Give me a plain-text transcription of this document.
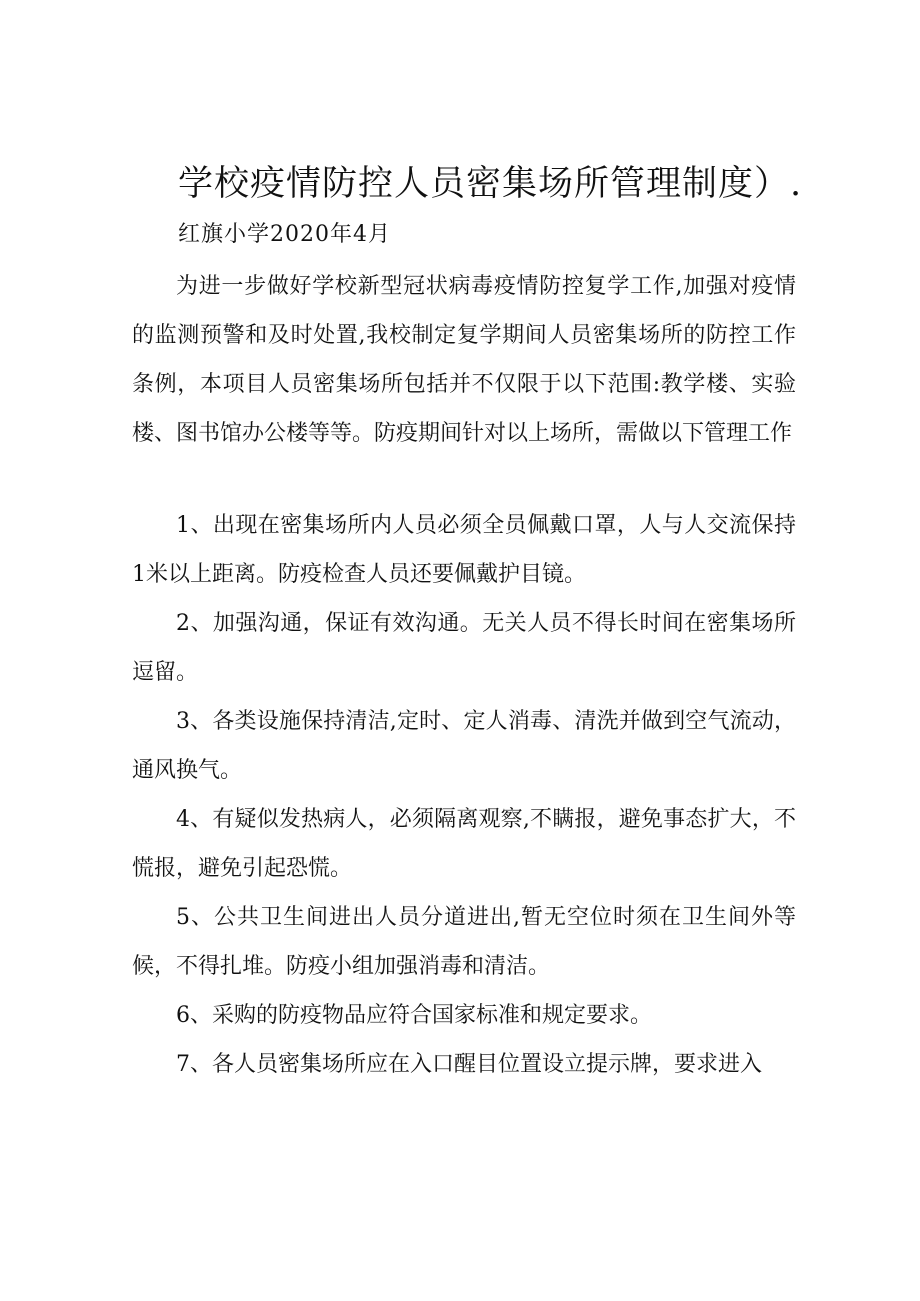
学校疫情防控人员密集场所管理制度）.

红旗小学2020年4月

为进一步做好学校新型冠状病毒疫情防控复学工作,加强对疫情的监测预警和及时处置,我校制定复学期间人员密集场所的防控工作条例，本项目人员密集场所包括并不仅限于以下范围:教学楼、实验楼、图书馆办公楼等等。防疫期间针对以上场所，需做以下管理工作

1、出现在密集场所内人员必须全员佩戴口罩，人与人交流保持1米以上距离。防疫检查人员还要佩戴护目镜。

2、加强沟通，保证有效沟通。无关人员不得长时间在密集场所逗留。

3、各类设施保持清洁,定时、定人消毒、清洗并做到空气流动，通风换气。

4、有疑似发热病人，必须隔离观察,不瞒报，避免事态扩大，不慌报，避免引起恐慌。

5、公共卫生间进出人员分道进出,暂无空位时须在卫生间外等候，不得扎堆。防疫小组加强消毒和清洁。

6、采购的防疫物品应符合国家标准和规定要求。

7、各人员密集场所应在入口醒目位置设立提示牌，要求进入
